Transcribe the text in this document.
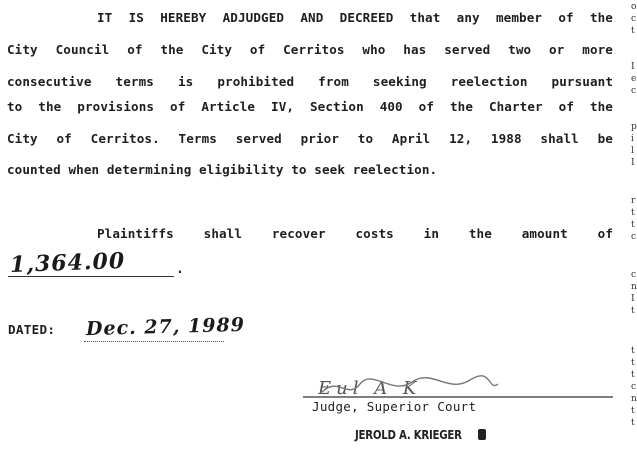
IT IS HEREBY ADJUDGED AND DECREED that any member of the
City Council of the City of Cerritos who has served two or more
consecutive terms is prohibited from seeking reelection pursuant
to the provisions of Article IV, Section 400 of the Charter of the
City of Cerritos. Terms served prior to April 12, 1988 shall be
counted when determining eligibility to seek reelection.
Plaintiffs shall recover costs in the amount of
1,364.00	.
DATED: Dec. 27, 1989
Eul A K
Judge, Superior Court
JEROLD A. KRIEGER
o
c
t
I
e
c
p
i
l
I
r
t
t
c
c
n
I
t
t
t
t
c
n
t
t
